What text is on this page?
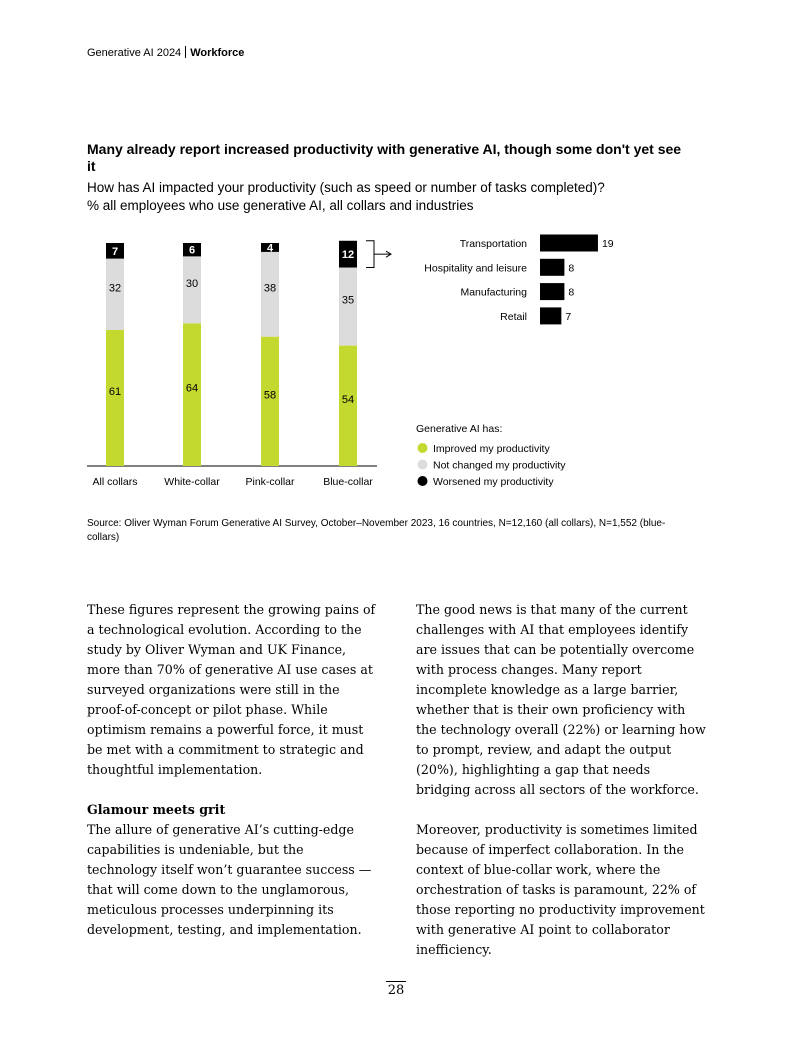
Generative AI 2024 Workforce
Many already report increased productivity with generative AI, though some don't yet see it
How has AI impacted your productivity (such as speed or number of tasks completed)?
% all employees who use generative AI, all collars and industries
61
32
7
All collars
64
30
6
White-collar
58
38
4
Pink-collar
54
35
12
Blue-collar
Transportation	19
Hospitality and leisure	8
Manufacturing	8
Retail	7
Generative AI has:
Improved my productivity
Not changed my productivity
Worsened my productivity
Source: Oliver Wyman Forum Generative AI Survey, October–November 2023, 16 countries, N=12,160 (all collars), N=1,552 (blue-collars)

These figures represent the growing pains of a technological evolution. According to the study by Oliver Wyman and UK Finance, more than 70% of generative AI use cases at surveyed organizations were still in the proof-of-concept or pilot phase. While optimism remains a powerful force, it must be met with a commitment to strategic and thoughtful implementation.

Glamour meets grit
The allure of generative AI’s cutting-edge capabilities is undeniable, but the technology itself won’t guarantee success — that will come down to the unglamorous, meticulous processes underpinning its development, testing, and implementation.

The good news is that many of the current challenges with AI that employees identify are issues that can be potentially overcome with process changes. Many report incomplete knowledge as a large barrier, whether that is their own proficiency with the technology overall (22%) or learning how to prompt, review, and adapt the output (20%), highlighting a gap that needs bridging across all sectors of the workforce.

Moreover, productivity is sometimes limited because of imperfect collaboration. In the context of blue-collar work, where the orchestration of tasks is paramount, 22% of those reporting no productivity improvement with generative AI point to collaborator inefficiency.

28
